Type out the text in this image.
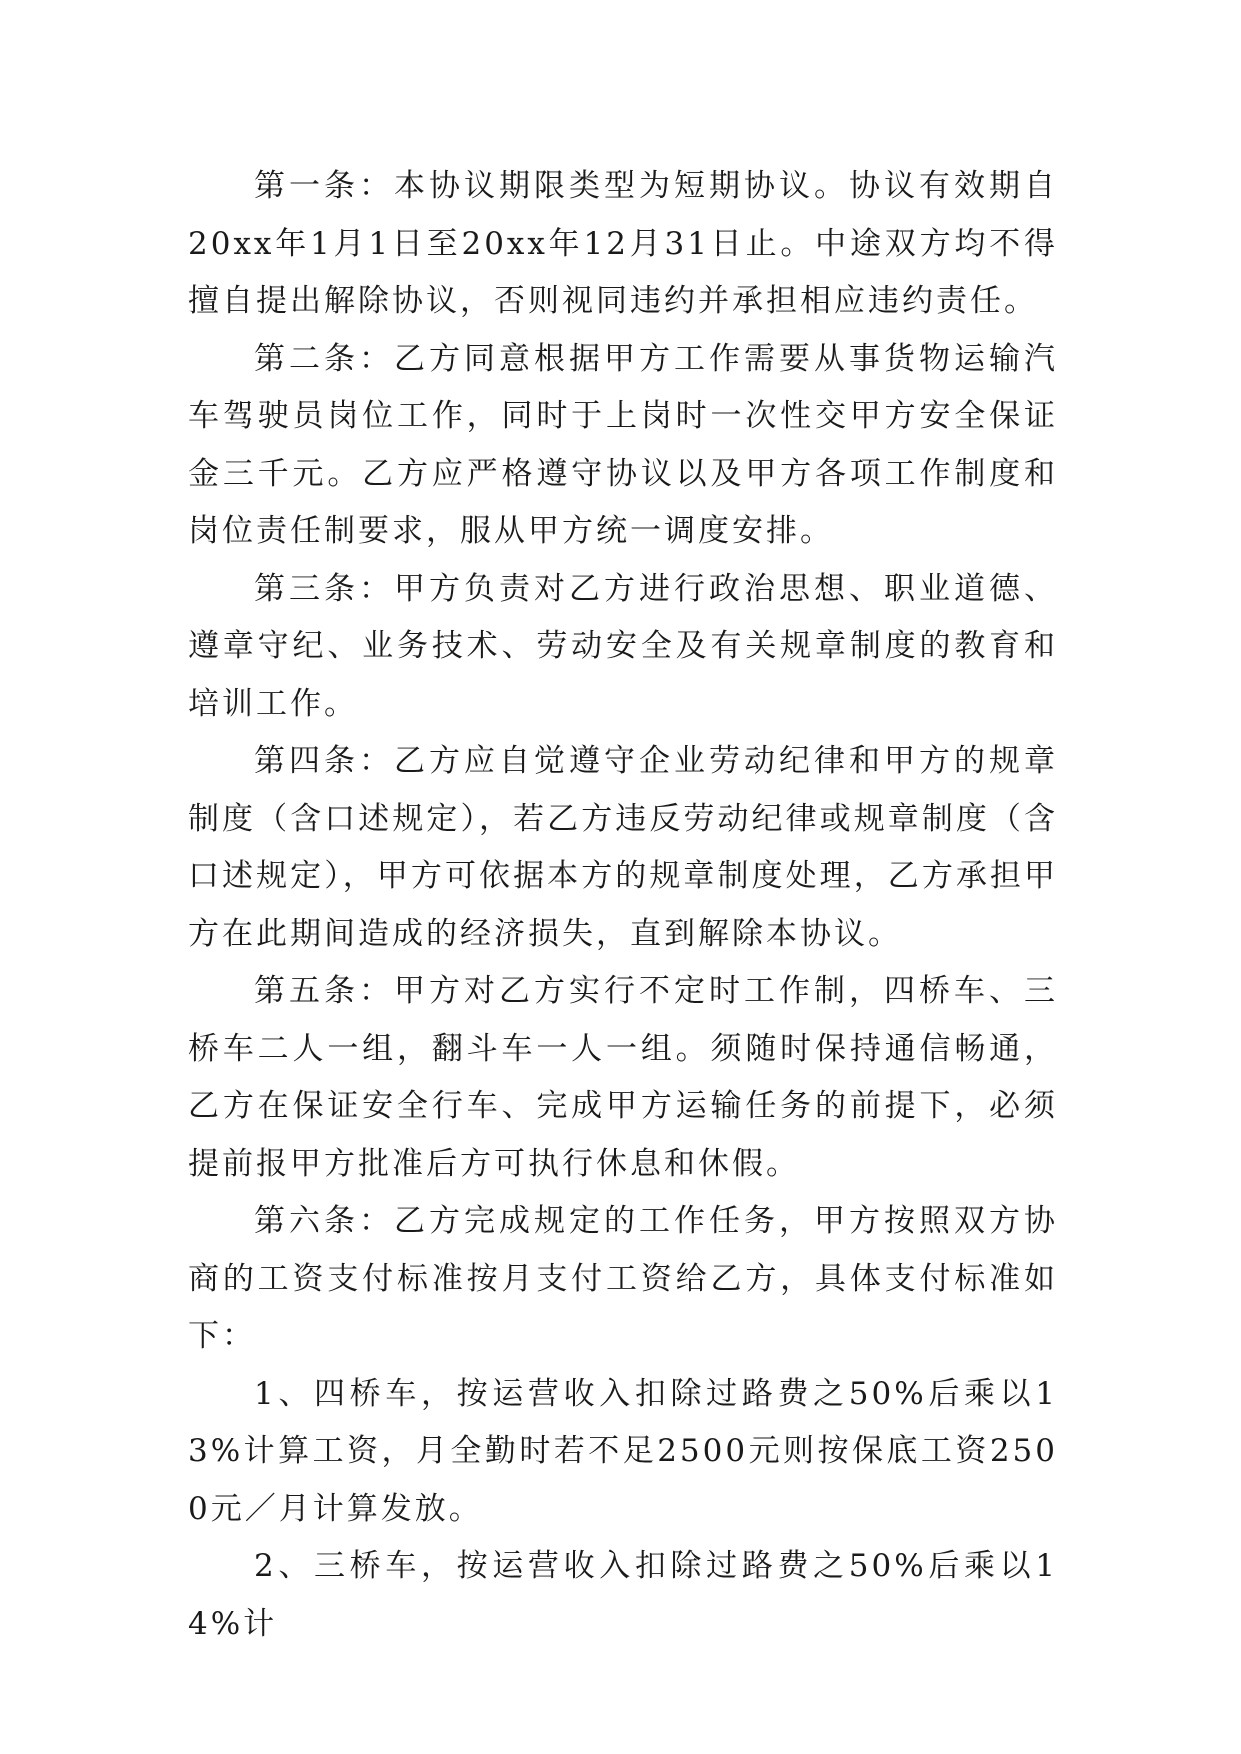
第一条：本协议期限类型为短期协议。协议有效期自20xx年1月1日至20xx年12月31日止。中途双方均不得擅自提出解除协议，否则视同违约并承担相应违约责任。

第二条：乙方同意根据甲方工作需要从事货物运输汽车驾驶员岗位工作，同时于上岗时一次性交甲方安全保证金三千元。乙方应严格遵守协议以及甲方各项工作制度和岗位责任制要求，服从甲方统一调度安排。

第三条：甲方负责对乙方进行政治思想、职业道德、遵章守纪、业务技术、劳动安全及有关规章制度的教育和培训工作。

第四条：乙方应自觉遵守企业劳动纪律和甲方的规章制度（含口述规定），若乙方违反劳动纪律或规章制度（含口述规定），甲方可依据本方的规章制度处理，乙方承担甲方在此期间造成的经济损失，直到解除本协议。

第五条：甲方对乙方实行不定时工作制，四桥车、三桥车二人一组，翻斗车一人一组。须随时保持通信畅通，乙方在保证安全行车、完成甲方运输任务的前提下，必须提前报甲方批准后方可执行休息和休假。

第六条：乙方完成规定的工作任务，甲方按照双方协商的工资支付标准按月支付工资给乙方，具体支付标准如下：

1、四桥车，按运营收入扣除过路费之50%后乘以13%计算工资，月全勤时若不足2500元则按保底工资2500元／月计算发放。

2、三桥车，按运营收入扣除过路费之50%后乘以14%计
